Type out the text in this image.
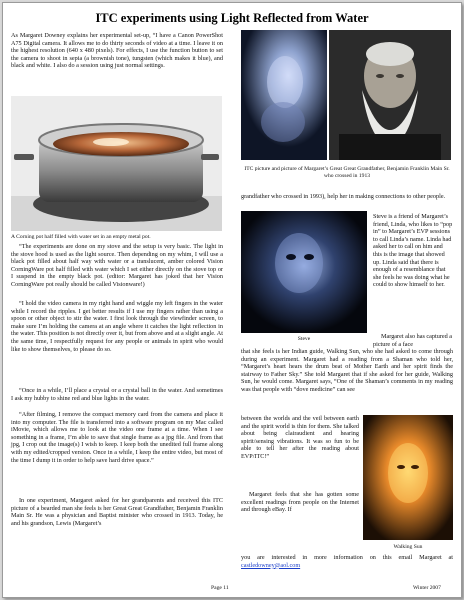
ITC experiments using Light Reflected from Water

As Margaret Downey explains her experimental set-up, “I have a Canon PowerShot A75 Digital camera. It allows me to do thirty seconds of video at a time. I leave it on the highest resolution (640 x 480 pixels). For effects, I use the function button to set the camera to shoot in sepia (a brownish tone), tungsten (which makes it blue), and black and white. I also do a session using just normal settings.

A Corning pot half filled with water set in an empty metal pot.

“The experiments are done on my stove and the setup is very basic. The light in the stove hood is used as the light source. Then depending on my whim, I will use a black pot filled about half way with water or a translucent, amber colored Vision CorningWare pot half filled with water which I set either directly on the stove top or I suspend in the empty black pot. (editor: Margaret has joked that her Vision CorningWare pot really should be called Visionware!)

“I hold the video camera in my right hand and wiggle my left fingers in the water while I record the ripples. I get better results if I use my fingers rather than using a spoon or other object to stir the water. I first look through the viewfinder screen, to make sure I’m holding the camera at an angle where it catches the light reflection in the water. This position is not directly over it, but from above and at a slight angle. At the same time, I respectfully request for any people or animals in spirit who would like to show themselves, to please do so.

“Once in a while, I’ll place a crystal or a crystal ball in the water. And sometimes I ask my hubby to shine red and blue lights in the water.

“After filming, I remove the compact memory card from the camera and place it into my computer. The file is transferred into a software program on my Mac called iMovie, which allows me to look at the video one frame at a time. When I see something in a frame, I’m able to save that single frame as a jpg file. And from that jpg, I crop out the image(s) I wish to keep. I keep both the unedited full frame along with my edited/cropped version. Once in a while, I keep the entire video, but most of the time I dump it in order to help save hard drive space.”

In one experiment, Margaret asked for her grandparents and received this ITC picture of a bearded man she feels is her Great Great Grandfather, Benjamin Franklin Main Sr. He was a physician and Baptist minister who crossed in 1913. Today, he and his grandson, Lewis (Margaret’s

ITC picture and picture of Margaret’s Great Great Grandfather, Benjamin Franklin Main Sr. who crossed in 1913

grandfather who crossed in 1993), help her in making connections to other people.

Steve

Steve is a friend of Margaret’s friend, Linda, who likes to “pop in” to Margaret’s EVP sessions to call Linda’s name. Linda had asked her to call on him and this is the image that showed up. Linda said that there is enough of a resemblance that she feels he was doing what he could to show himself to her.

Margaret also has captured a picture of a face

that she feels is her Indian guide, Walking Sun, who she had asked to come through during an experiment. Margaret had a reading from a Shaman who told her, “Margaret’s heart hears the drum beat of Mother Earth and her spirit finds the stairway to Father Sky.” She told Margaret that if she asked for her guide, Walking Sun, he would come. Margaret says, “One of the Shaman’s comments in my reading was that people with “dove medicine” can see

between the worlds and the veil between earth and the spirit world is thin for them. She talked about being clairaudient and hearing spirit/sensing vibrations. It was so fun to be able to tell her after the reading about EVP/ITC!”

Margaret feels that she has gotten some excellent readings from people on the Internet and through eBay. If

Walking Sun

you are interested in more information on this email Margaret at castledowney@aol.com

Page 11	Winter 2007
